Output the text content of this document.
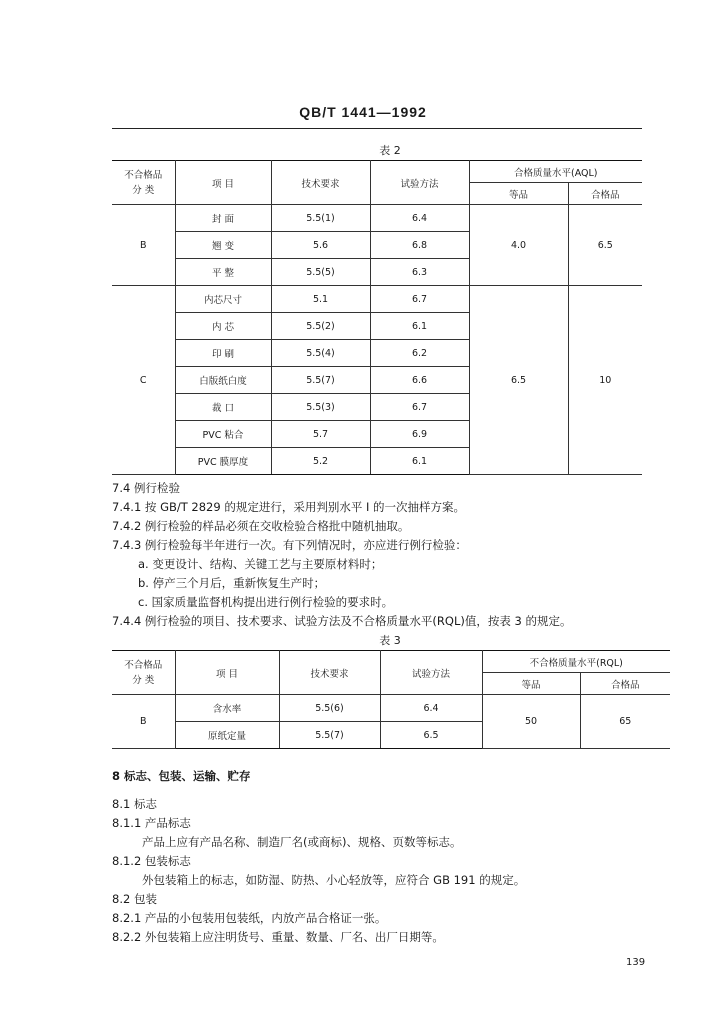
QB/T 1441—1992
表 2
不合格品
分 类	项 目	技术要求	试验方法	合格质量水平(AQL)	
				等品	合格品
B	封 面	5.5(1)	6.4	4.0	6.5
	翘 变	5.6	6.8		
	平 整	5.5(5)	6.3		
C	内芯尺寸	5.1	6.7	6.5	10
	内 芯	5.5(2)	6.1		
	印 刷	5.5(4)	6.2		
	白版纸白度	5.5(7)	6.6		
	裁 口	5.5(3)	6.7		
	PVC 粘合	5.7	6.9		
	PVC 膜厚度	5.2	6.1		
7.4 例行检验
7.4.1 按 GB/T 2829 的规定进行，采用判别水平 I 的一次抽样方案。
7.4.2 例行检验的样品必须在交收检验合格批中随机抽取。
7.4.3 例行检验每半年进行一次。有下列情况时，亦应进行例行检验：
a. 变更设计、结构、关键工艺与主要原材料时；
b. 停产三个月后，重新恢复生产时；
c. 国家质量监督机构提出进行例行检验的要求时。
7.4.4 例行检验的项目、技术要求、试验方法及不合格质量水平(RQL)值，按表 3 的规定。
表 3
不合格品
分 类	项 目	技术要求	试验方法	不合格质量水平(RQL)	
				等品	合格品
B	含水率	5.5(6)	6.4	50	65
	原纸定量	5.5(7)	6.5		
8 标志、包装、运输、贮存
8.1 标志
8.1.1 产品标志
产品上应有产品名称、制造厂名(或商标)、规格、页数等标志。
8.1.2 包装标志
外包装箱上的标志，如防湿、防热、小心轻放等，应符合 GB 191 的规定。
8.2 包装
8.2.1 产品的小包装用包装纸，内放产品合格证一张。
8.2.2 外包装箱上应注明货号、重量、数量、厂名、出厂日期等。
139
